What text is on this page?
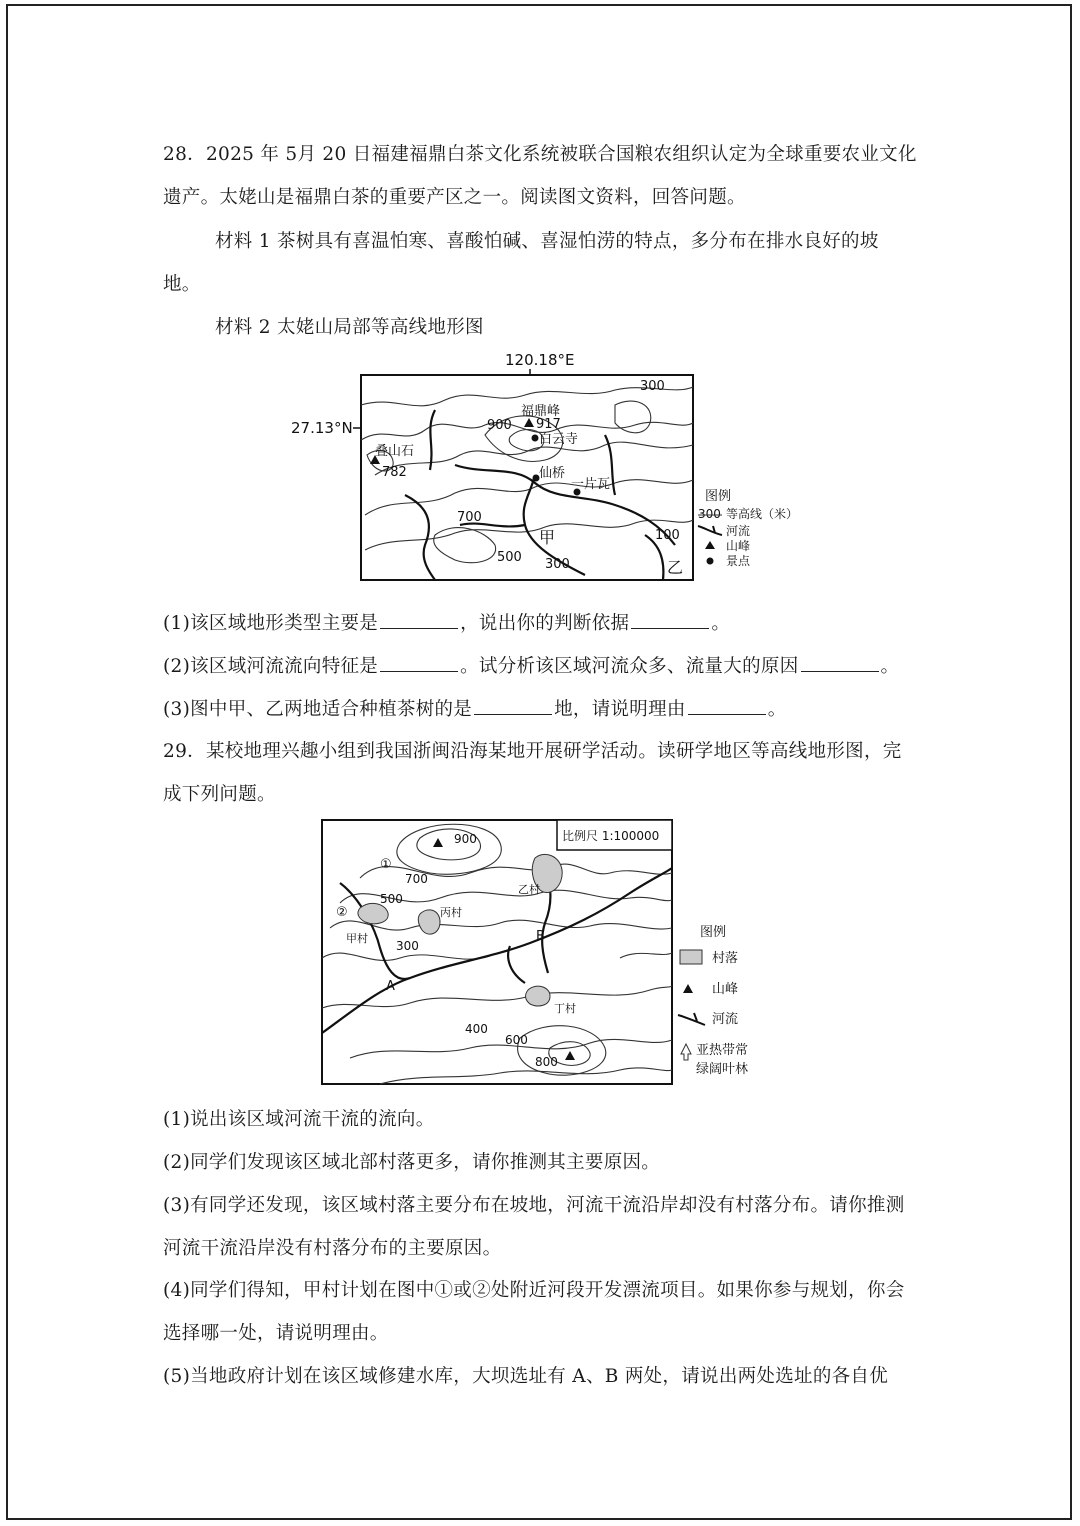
28．2025 年 5月 20 日福建福鼎白茶文化系统被联合国粮农组织认定为全球重要农业文化
遗产。太姥山是福鼎白茶的重要产区之一。阅读图文资料，回答问题。
材料 1 茶树具有喜温怕寒、喜酸怕碱、喜湿怕涝的特点，多分布在排水良好的坡
地。
材料 2 太姥山局部等高线地形图
120.18°E
27.13°N
福鼎峰
917
白云寺
叠山石
782	仙桥
一片瓦
900
700
500 300
300
100
甲
乙
图例
300 等高线（米）
河流
山峰
景点
(1)该区域地形类型主要是	，说出你的判断依据	。
(2)该区域河流流向特征是	。试分析该区域河流众多、流量大的原因	。
(3)图中甲、乙两地适合种植茶树的是	地，请说明理由	。
29．某校地理兴趣小组到我国浙闽沿海某地开展研学活动。读研学地区等高线地形图，完
成下列问题。
比例尺 1:100000
900
700
500
300
400
600
800
①
②
甲村
丙村
乙村
丁村
A
B	图例
村落
山峰
河流
亚热带常
绿阔叶林
(1)说出该区域河流干流的流向。
(2)同学们发现该区域北部村落更多，请你推测其主要原因。
(3)有同学还发现，该区域村落主要分布在坡地，河流干流沿岸却没有村落分布。请你推测
河流干流沿岸没有村落分布的主要原因。
(4)同学们得知，甲村计划在图中①或②处附近河段开发漂流项目。如果你参与规划，你会
选择哪一处，请说明理由。
(5)当地政府计划在该区域修建水库，大坝选址有 A、B 两处，请说出两处选址的各自优
